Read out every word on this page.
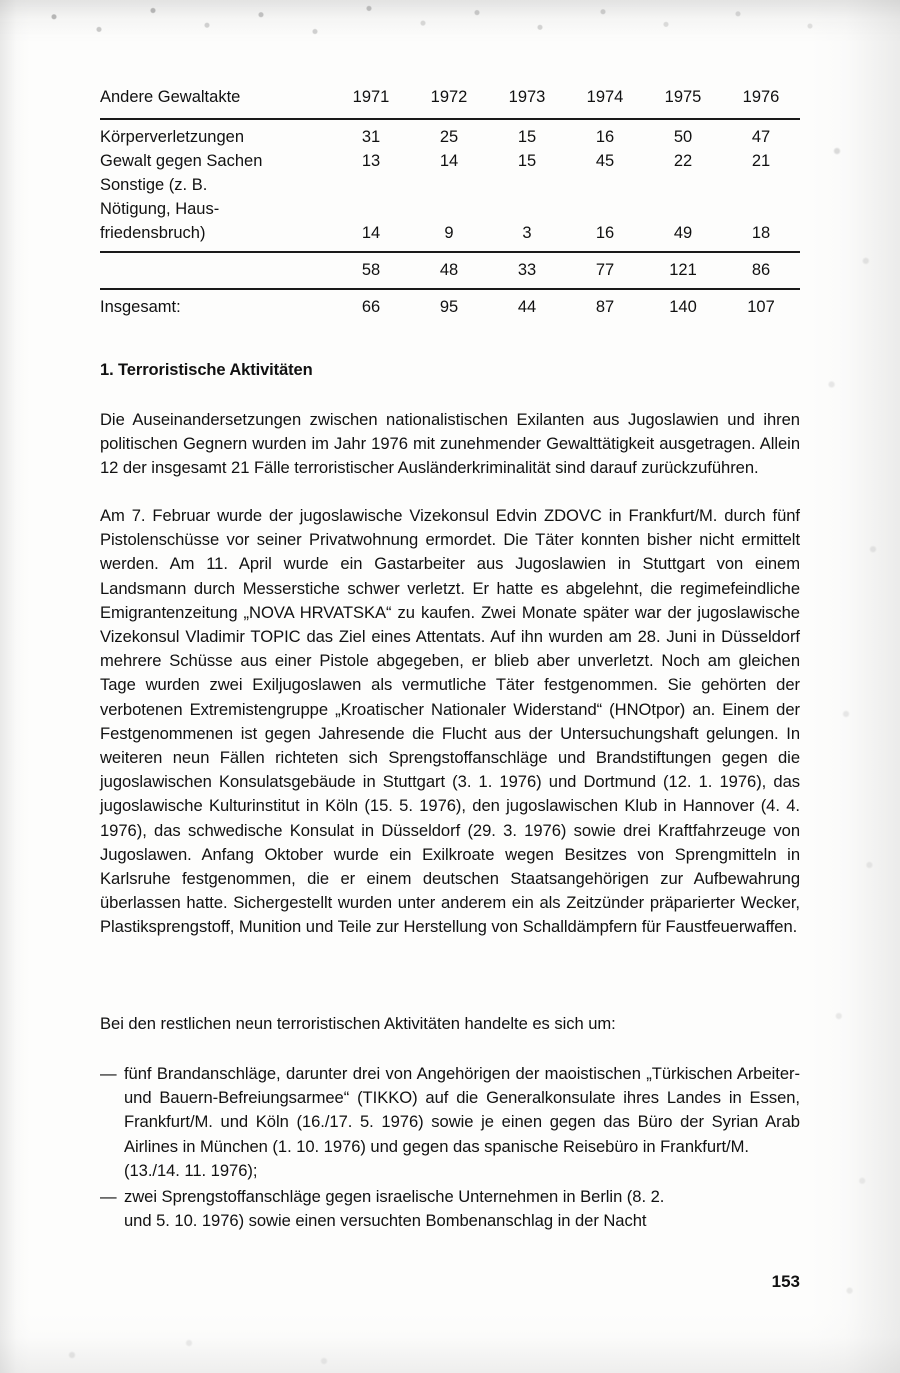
Andere Gewaltakte	1971	1972	1973	1974	1975	1976

Körperverletzungen	31	25	15	16	50	47
Gewalt gegen Sachen	13	14	15	45	22	21
Sonstige (z. B.						
Nötigung, Haus-						
friedensbruch)	14	9	3	16	49	18

	58	48	33	77	121	86

Insgesamt:	66	95	44	87	140	107
1. Terroristische Aktivitäten

Die Auseinandersetzungen zwischen nationalistischen Exilanten aus Jugoslawien und ihren politischen Gegnern wurden im Jahr 1976 mit zunehmender Gewalttätigkeit ausgetragen. Allein 12 der insgesamt 21 Fälle terroristischer Ausländerkriminalität sind darauf zurückzuführen.

Am 7. Februar wurde der jugoslawische Vizekonsul Edvin ZDOVC in Frankfurt/M. durch fünf Pistolenschüsse vor seiner Privatwohnung ermordet. Die Täter konnten bisher nicht ermittelt werden. Am 11. April wurde ein Gastarbeiter aus Jugoslawien in Stuttgart von einem Landsmann durch Messerstiche schwer verletzt. Er hatte es abgelehnt, die regimefeindliche Emigrantenzeitung „NOVA HRVATSKA“ zu kaufen. Zwei Monate später war der jugoslawische Vizekonsul Vladimir TOPIC das Ziel eines Attentats. Auf ihn wurden am 28. Juni in Düsseldorf mehrere Schüsse aus einer Pistole abgegeben, er blieb aber unverletzt. Noch am gleichen Tage wurden zwei Exiljugoslawen als vermutliche Täter festgenommen. Sie gehörten der verbotenen Extremistengruppe „Kroatischer Nationaler Widerstand“ (HNOtpor) an. Einem der Festgenommenen ist gegen Jahresende die Flucht aus der Untersuchungshaft gelungen. In weiteren neun Fällen richteten sich Sprengstoffanschläge und Brandstiftungen gegen die jugoslawischen Konsulatsgebäude in Stuttgart (3. 1. 1976) und Dortmund (12. 1. 1976), das jugoslawische Kulturinstitut in Köln (15. 5. 1976), den jugoslawischen Klub in Hannover (4. 4. 1976), das schwedische Konsulat in Düsseldorf (29. 3. 1976) sowie drei Kraftfahrzeuge von Jugoslawen. Anfang Oktober wurde ein Exilkroate wegen Besitzes von Sprengmitteln in Karlsruhe festgenommen, die er einem deutschen Staatsangehörigen zur Aufbewahrung überlassen hatte. Sichergestellt wurden unter anderem ein als Zeitzünder präparierter Wecker, Plastiksprengstoff, Munition und Teile zur Herstellung von Schalldämpfern für Faustfeuerwaffen.

Bei den restlichen neun terroristischen Aktivitäten handelte es sich um:

— fünf Brandanschläge, darunter drei von Angehörigen der maoistischen „Türkischen Arbeiter- und Bauern-Befreiungsarmee“ (TIKKO) auf die Generalkonsulate ihres Landes in Essen, Frankfurt/M. und Köln (16./17. 5. 1976) sowie je einen gegen das Büro der Syrian Arab Airlines in München (1. 10. 1976) und gegen das spanische Reisebüro in Frankfurt/M.
(13./14. 11. 1976);
— zwei Sprengstoffanschläge gegen israelische Unternehmen in Berlin (8. 2.
und 5. 10. 1976) sowie einen versuchten Bombenanschlag in der Nacht
153
